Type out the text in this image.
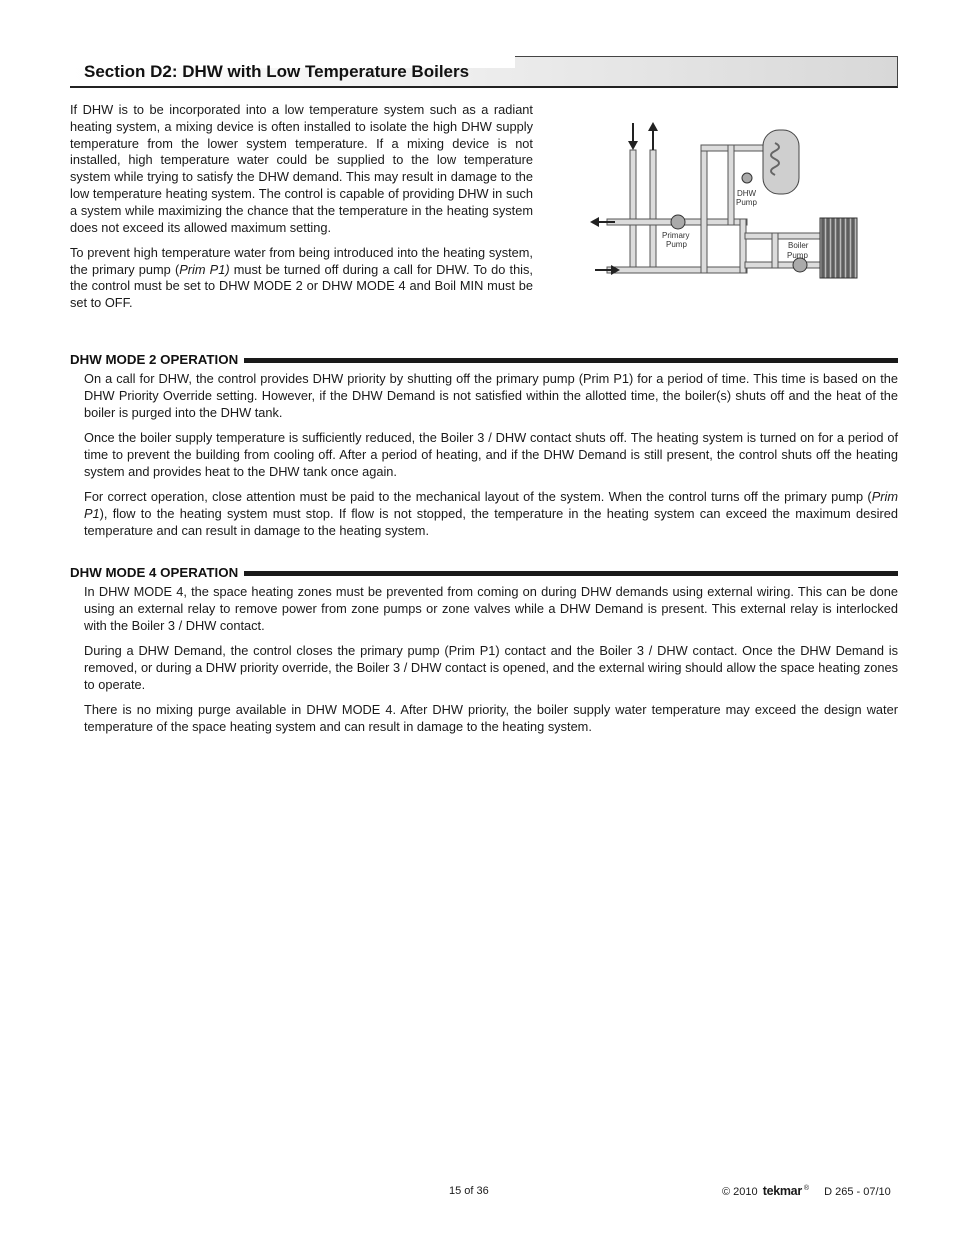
Section D2: DHW with Low Temperature Boilers

If DHW is to be incorporated into a low temperature system such as a radiant heating system, a mixing device is often installed to isolate the high DHW supply temperature from the lower system temperature. If a mixing device is not installed, high temperature water could be supplied to the low temperature system while trying to satisfy the DHW demand. This may result in damage to the low temperature heating system. The control is capable of providing DHW in such a system while maximizing the chance that the temperature in the heating system does not exceed its allowed maximum setting.

To prevent high temperature water from being introduced into the heating system, the primary pump (Prim P1) must be turned off during a call for DHW. To do this, the control must be set to DHW MODE 2 or DHW MODE 4 and Boil MIN must be set to OFF.

DHW
Pump
Primary
Pump	Boiler
Pump
DHW MODE 2 OPERATION

On a call for DHW, the control provides DHW priority by shutting off the primary pump (Prim P1) for a period of time. This time is based on the DHW Priority Override setting. However, if the DHW Demand is not satisfied within the allotted time, the boiler(s) shuts off and the heat of the boiler is purged into the DHW tank.

Once the boiler supply temperature is sufficiently reduced, the Boiler 3 / DHW contact shuts off. The heating system is turned on for a period of time to prevent the building from cooling off. After a period of heating, and if the DHW Demand is still present, the control shuts off the heating system and provides heat to the DHW tank once again.

For correct operation, close attention must be paid to the mechanical layout of the system. When the control turns off the primary pump (Prim P1), flow to the heating system must stop. If flow is not stopped, the temperature in the heating system can exceed the maximum desired temperature and can result in damage to the heating system.

DHW MODE 4 OPERATION

In DHW MODE 4, the space heating zones must be prevented from coming on during DHW demands using external wiring. This can be done using an external relay to remove power from zone pumps or zone valves while a DHW Demand is present. This external relay is interlocked with the Boiler 3 / DHW contact.

During a DHW Demand, the control closes the primary pump (Prim P1) contact and the Boiler 3 / DHW contact. Once the DHW Demand is removed, or during a DHW priority override, the Boiler 3 / DHW contact is opened, and the external wiring should allow the space heating zones to operate.

There is no mixing purge available in DHW MODE 4. After DHW priority, the boiler supply water temperature may exceed the design water temperature of the space heating system and can result in damage to the heating system.

15 of 36	© 2010 tekmar ® D 265 - 07/10
